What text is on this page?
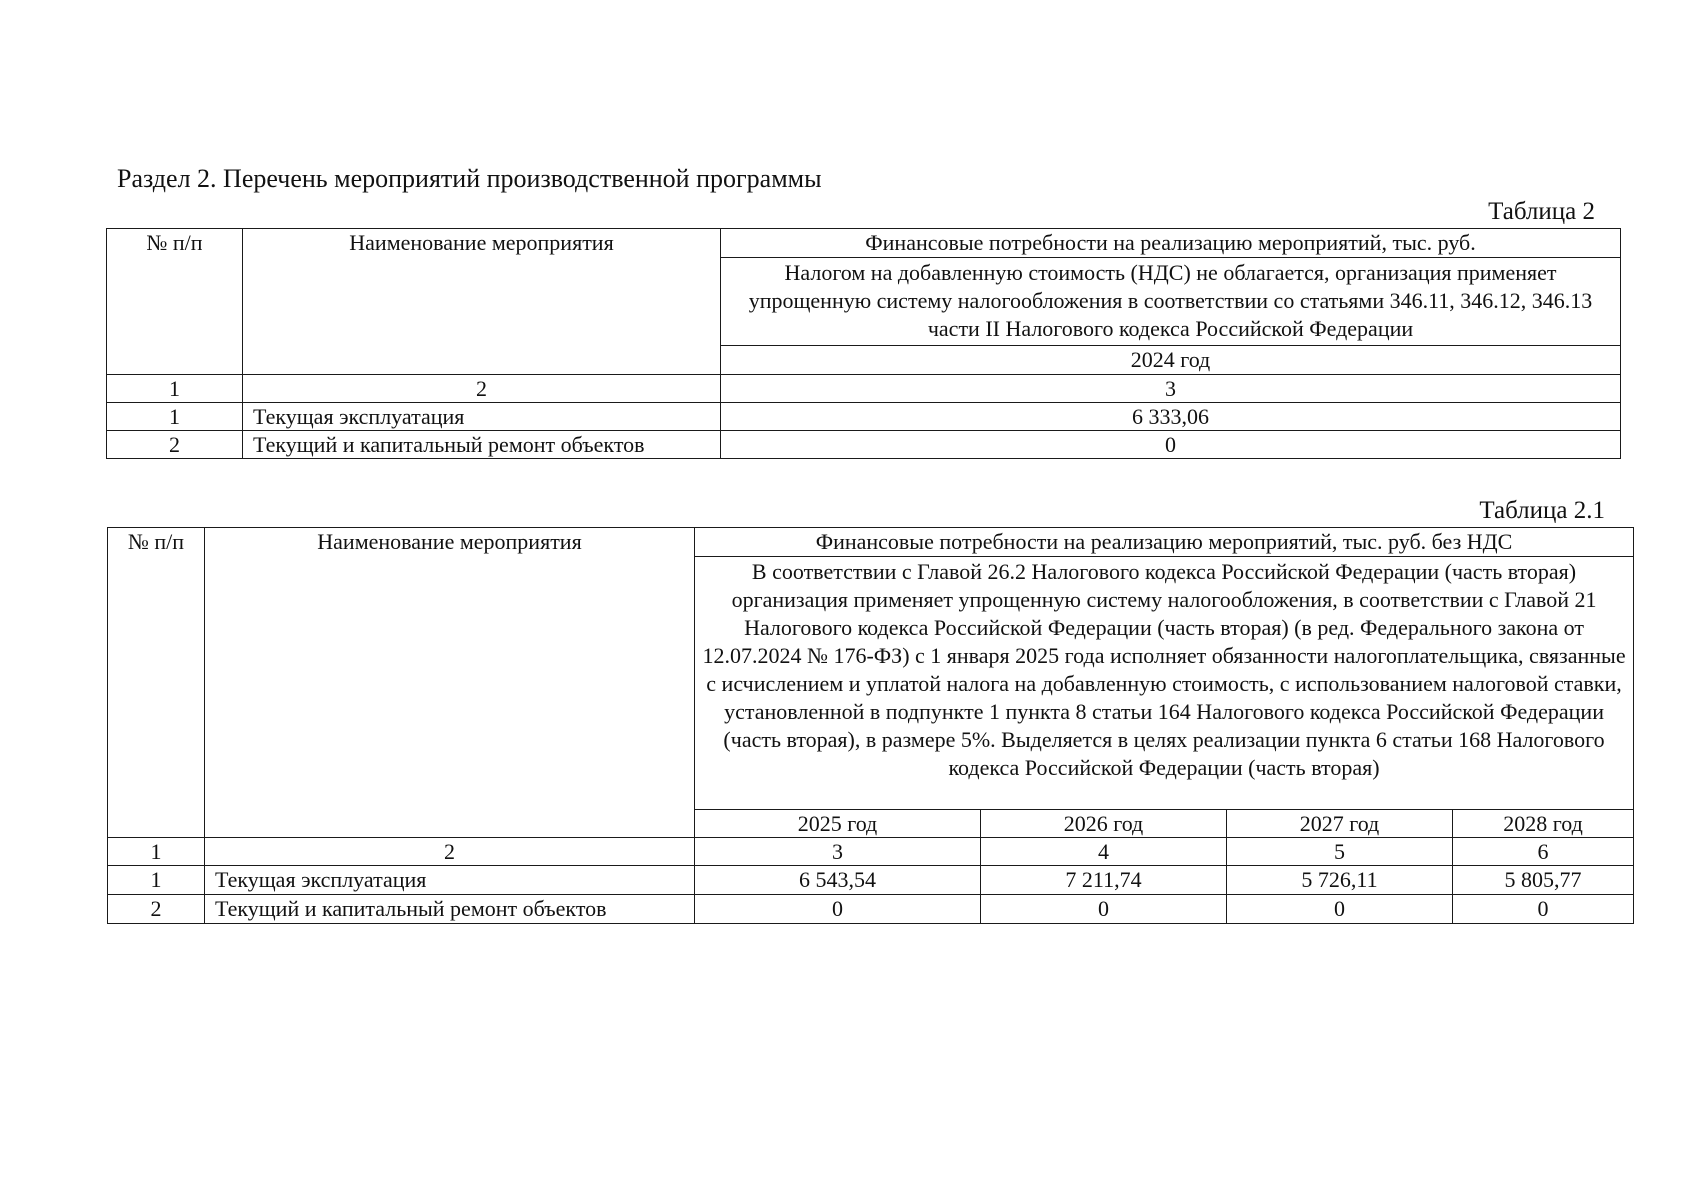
Раздел 2. Перечень мероприятий производственной программы
Таблица 2
№ п/п	Наименование мероприятия	Финансовые потребности на реализацию мероприятий, тыс. руб.
		Налогом на добавленную стоимость (НДС) не облагается, организация применяет упрощенную систему налогообложения в соответствии со статьями 346.11, 346.12, 346.13 части II Налогового кодекса Российской Федерации
		2024 год
1	2	3
1	Текущая эксплуатация	6 333,06
2	Текущий и капитальный ремонт объектов	0
Таблица 2.1
№ п/п	Наименование мероприятия	Финансовые потребности на реализацию мероприятий, тыс. руб. без НДС			
		В соответствии с Главой 26.2 Налогового кодекса Российской Федерации (часть вторая) организация применяет упрощенную систему налогообложения, в соответствии с Главой 21 Налогового кодекса Российской Федерации (часть вторая) (в ред. Федерального закона от 12.07.2024 № 176-ФЗ) с 1 января 2025 года исполняет обязанности налогоплательщика, связанные с исчислением и уплатой налога на добавленную стоимость, с использованием налоговой ставки, установленной в подпункте 1 пункта 8 статьи 164 Налогового кодекса Российской Федерации (часть вторая), в размере 5%. Выделяется в целях реализации пункта 6 статьи 168 Налогового кодекса Российской Федерации (часть вторая)			
		2025 год	2026 год	2027 год	2028 год
1	2	3	4	5	6
1	Текущая эксплуатация	6 543,54	7 211,74	5 726,11	5 805,77
2	Текущий и капитальный ремонт объектов	0	0	0	0
